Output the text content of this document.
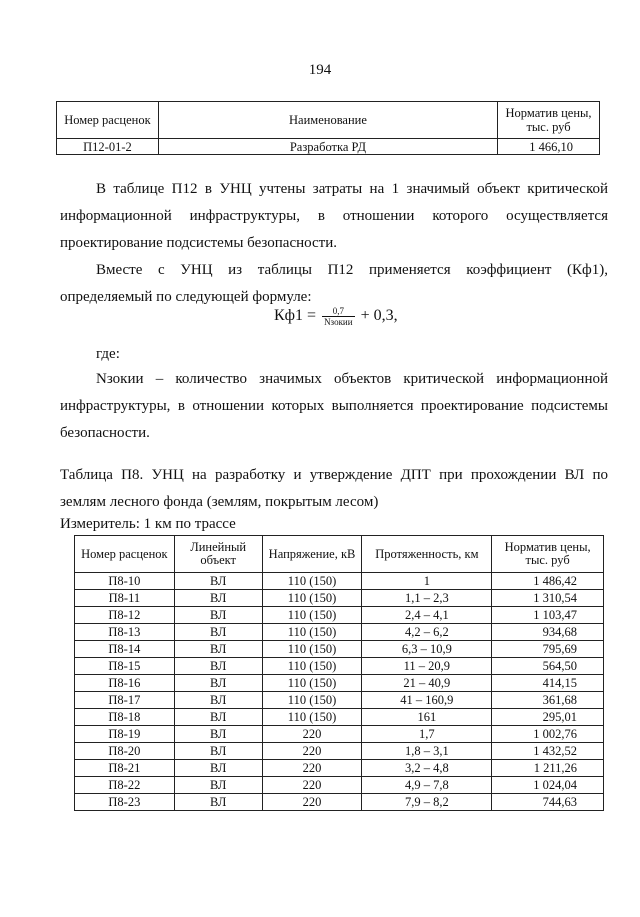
194
Номер расценок	Наименование	Норматив цены, тыс. руб
П12-01-2	Разработка РД	1 466,10

В таблице П12 в УНЦ учтены затраты на 1 значимый объект критической информационной инфраструктуры, в отношении которого осуществляется проектирование подсистемы безопасности.

Вместе с УНЦ из таблицы П12 применяется коэффициент (Кф1), определяемый по следующей формуле:

$Кф1 = \frac{0,7}{\text{Nзокии}} + 0,3$,

где:

Nзокии – количество значимых объектов критической информационной инфраструктуры, в отношении которых выполняется проектирование подсистемы безопасности.

Таблица П8. УНЦ на разработку и утверждение ДПТ при прохождении ВЛ по землям лесного фонда (землям, покрытым лесом)

Измеритель: 1 км по трассе

Номер расценок	Линейный объект	Напряжение, кВ	Протяженность, км	Норматив цены, тыс. руб
П8-10	ВЛ	110 (150)	1	1 486,42
П8-11	ВЛ	110 (150)	1,1 – 2,3	1 310,54
П8-12	ВЛ	110 (150)	2,4 – 4,1	1 103,47
П8-13	ВЛ	110 (150)	4,2 – 6,2	934,68
П8-14	ВЛ	110 (150)	6,3 – 10,9	795,69
П8-15	ВЛ	110 (150)	11 – 20,9	564,50
П8-16	ВЛ	110 (150)	21 – 40,9	414,15
П8-17	ВЛ	110 (150)	41 – 160,9	361,68
П8-18	ВЛ	110 (150)	161	295,01
П8-19	ВЛ	220	1,7	1 002,76
П8-20	ВЛ	220	1,8 – 3,1	1 432,52
П8-21	ВЛ	220	3,2 – 4,8	1 211,26
П8-22	ВЛ	220	4,9 – 7,8	1 024,04
П8-23	ВЛ	220	7,9 – 8,2	744,63
